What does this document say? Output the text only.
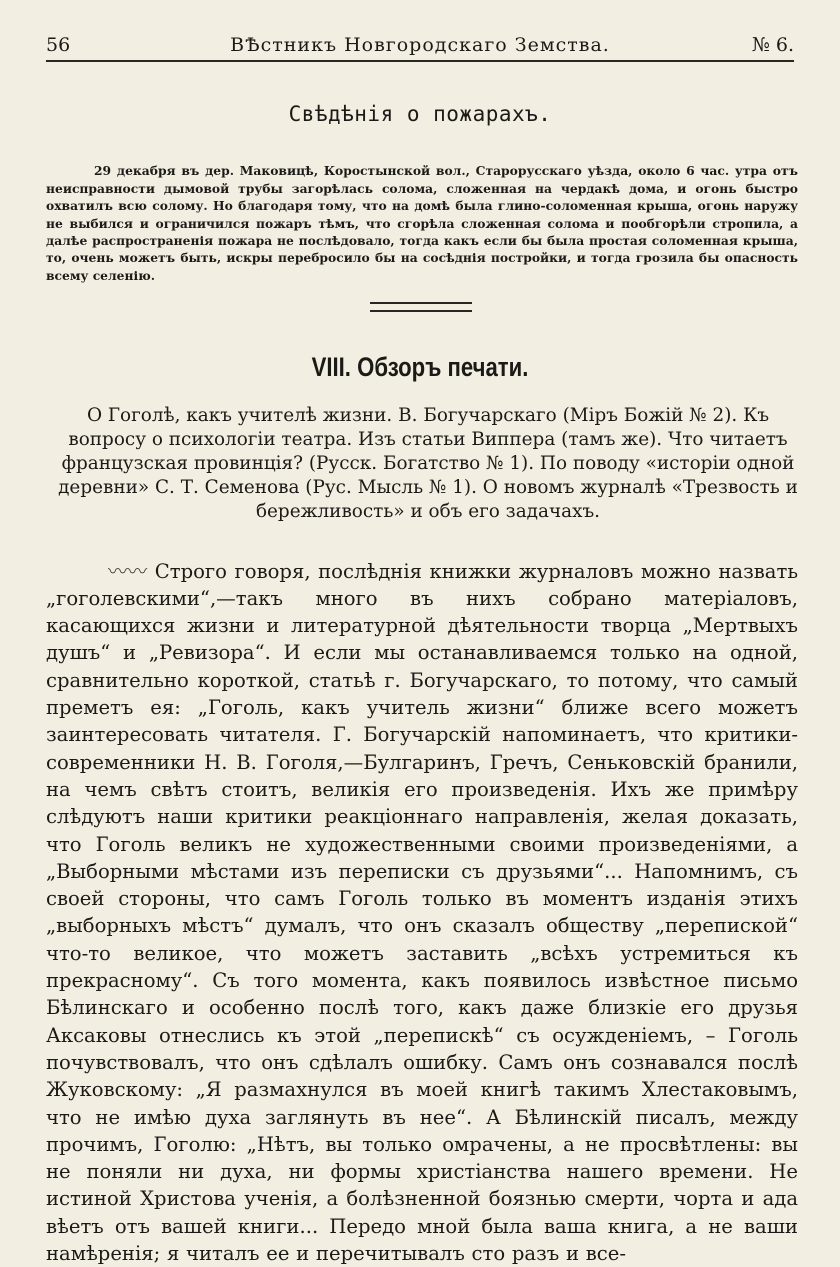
56	ВѢстникъ Новгородскаго Земства.	№ 6.
Свѣдѣнія о пожарахъ.

29 декабря въ дер. Маковицѣ, Коростынской вол., Старорусскаго уѣзда, около 6 час. утра отъ неисправности дымовой трубы загорѣлась солома, сложенная на чердакѣ дома, и огонь быстро охватилъ всю солому. Но благодаря тому, что на домѣ была глино-соломенная крыша, огонь наружу не выбился и ограничился пожаръ тѣмъ, что сгорѣла сложенная солома и пообгорѣли стропила, а далѣе распространенія пожара не послѣдовало, тогда какъ если бы была простая соломенная крыша, то, очень можетъ быть, искры перебросило бы на сосѣднія постройки, и тогда грозила бы опасность всему селенію.

VIII. Обзоръ печати.
О Гоголѣ, какъ учителѣ жизни. В. Богучарскаго (Міръ Божій № 2). Къ вопросу о психологіи театра. Изъ статьи Виппера (тамъ же). Что читаетъ французская провинція? (Русск. Богатство № 1). По поводу «исторіи одной деревни» С. Т. Семенова (Рус. Мысль № 1). О новомъ журналѣ «Трезвость и бережливость» и объ его задачахъ.

〰〰 Строго говоря, послѣднія книжки журналовъ можно назвать „гоголевскими“,—такъ много въ нихъ собрано матеріаловъ, касающихся жизни и литературной дѣятельности творца „Мертвыхъ душъ“ и „Ревизора“. И если мы останавливаемся только на одной, сравнительно короткой, статьѣ г. Богучарскаго, то потому, что самый преметъ ея: „Гоголь, какъ учитель жизни“ ближе всего можетъ заинтересовать читателя. Г. Богучарскій напоминаетъ, что критики-современники Н. В. Гоголя,—Булгаринъ, Гречъ, Сеньковскій бранили, на чемъ свѣтъ стоитъ, великія его произведенія. Ихъ же примѣру слѣдуютъ наши критики реакціоннаго направленія, желая доказать, что Гоголь великъ не художественными своими произведеніями, а „Выборными мѣстами изъ переписки съ друзьями“... Напомнимъ, съ своей стороны, что самъ Гоголь только въ моментъ изданія этихъ „выборныхъ мѣстъ“ думалъ, что онъ сказалъ обществу „перепиской“ что-то великое, что можетъ заставить „всѣхъ устремиться къ прекрасному“. Съ того момента, какъ появилось извѣстное письмо Бѣлинскаго и особенно послѣ того, какъ даже близкіе его друзья Аксаковы отнеслись къ этой „перепискѣ“ съ осужденіемъ, – Гоголь почувствовалъ, что онъ сдѣлалъ ошибку. Самъ онъ сознавался послѣ Жуковскому: „Я размахнулся въ моей книгѣ такимъ Хлестаковымъ, что не имѣю духа заглянуть въ нее“. А Бѣлинскій писалъ, между прочимъ, Гоголю: „Нѣтъ, вы только омрачены, а не просвѣтлены: вы не поняли ни духа, ни формы христіанства нашего времени. Не истиной Христова ученія, а болѣзненной боязнью смерти, чорта и ада вѣетъ отъ вашей книги... Передо мной была ваша книга, а не ваши намѣренія; я читалъ ее и перечитывалъ сто разъ и все-
